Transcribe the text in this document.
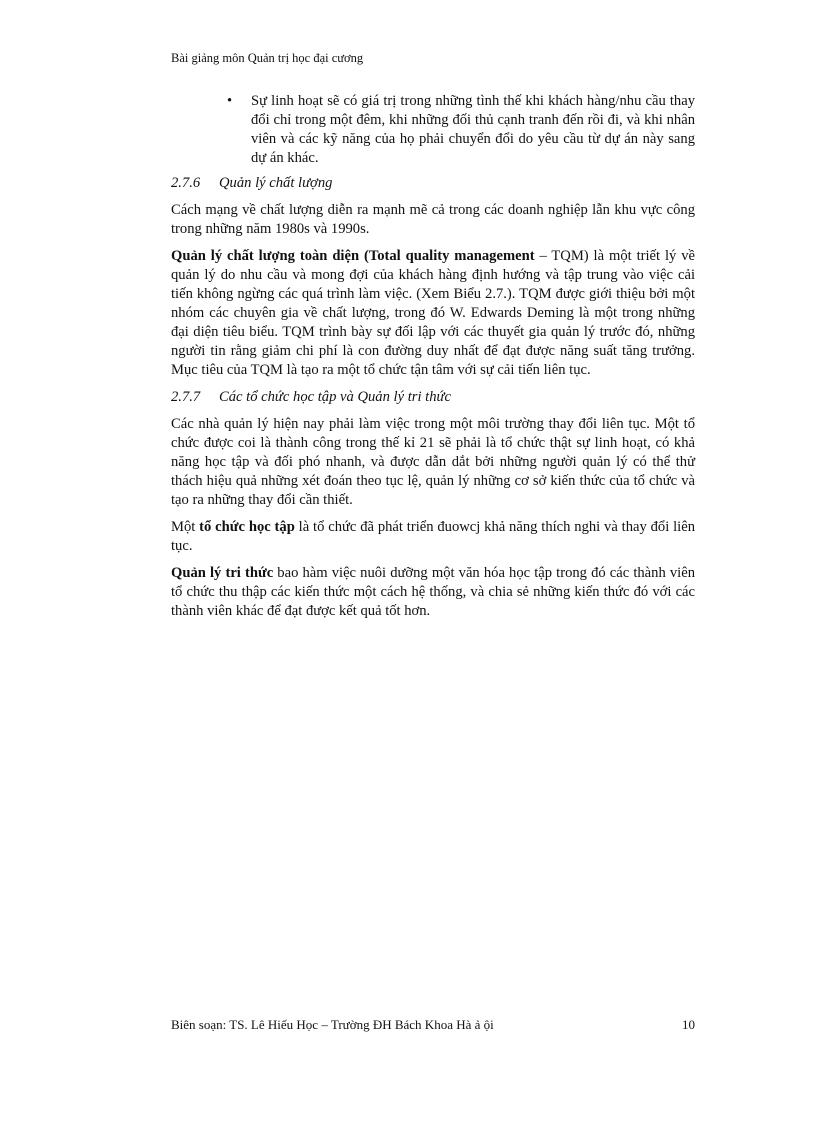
Bài giảng môn Quản trị học đại cương
• Sự linh hoạt sẽ có giá trị trong những tình thế khi khách hàng/nhu cầu thay đổi chỉ trong một đêm, khi những đối thủ cạnh tranh đến rồi đi, và khi nhân viên và các kỹ năng của họ phải chuyển đổi do yêu cầu từ dự án này sang dự án khác.
2.7.6 Quản lý chất lượng

Cách mạng về chất lượng diễn ra mạnh mẽ cả trong các doanh nghiệp lẫn khu vực công trong những năm 1980s và 1990s.

Quản lý chất lượng toàn diện (Total quality management – TQM) là một triết lý về quản lý do nhu cầu và mong đợi của khách hàng định hướng và tập trung vào việc cải tiến không ngừng các quá trình làm việc. (Xem Biểu 2.7.). TQM được giới thiệu bởi một nhóm các chuyên gia về chất lượng, trong đó W. Edwards Deming là một trong những đại diện tiêu biểu. TQM trình bày sự đối lập với các thuyết gia quản lý trước đó, những người tin rằng giảm chi phí là con đường duy nhất để đạt được năng suất tăng trưởng. Mục tiêu của TQM là tạo ra một tổ chức tận tâm với sự cải tiến liên tục.

2.7.7 Các tổ chức học tập và Quản lý tri thức

Các nhà quản lý hiện nay phải làm việc trong một môi trường thay đổi liên tục. Một tổ chức được coi là thành công trong thế kỉ 21 sẽ phải là tổ chức thật sự linh hoạt, có khả năng học tập và đối phó nhanh, và được dẫn dắt bởi những người quản lý có thể thử thách hiệu quả những xét đoán theo tục lệ, quản lý những cơ sở kiến thức của tổ chức và tạo ra những thay đổi cần thiết.

Một tổ chức học tập là tổ chức đã phát triển đuowcj khả năng thích nghi và thay đổi liên tục.

Quản lý tri thức bao hàm việc nuôi dưỡng một văn hóa học tập trong đó các thành viên tổ chức thu thập các kiến thức một cách hệ thống, và chia sẻ những kiến thức đó với các thành viên khác để đạt được kết quả tốt hơn.

Biên soạn: TS. Lê Hiếu Học – Trường ĐH Bách Khoa Hà ả ội	10
